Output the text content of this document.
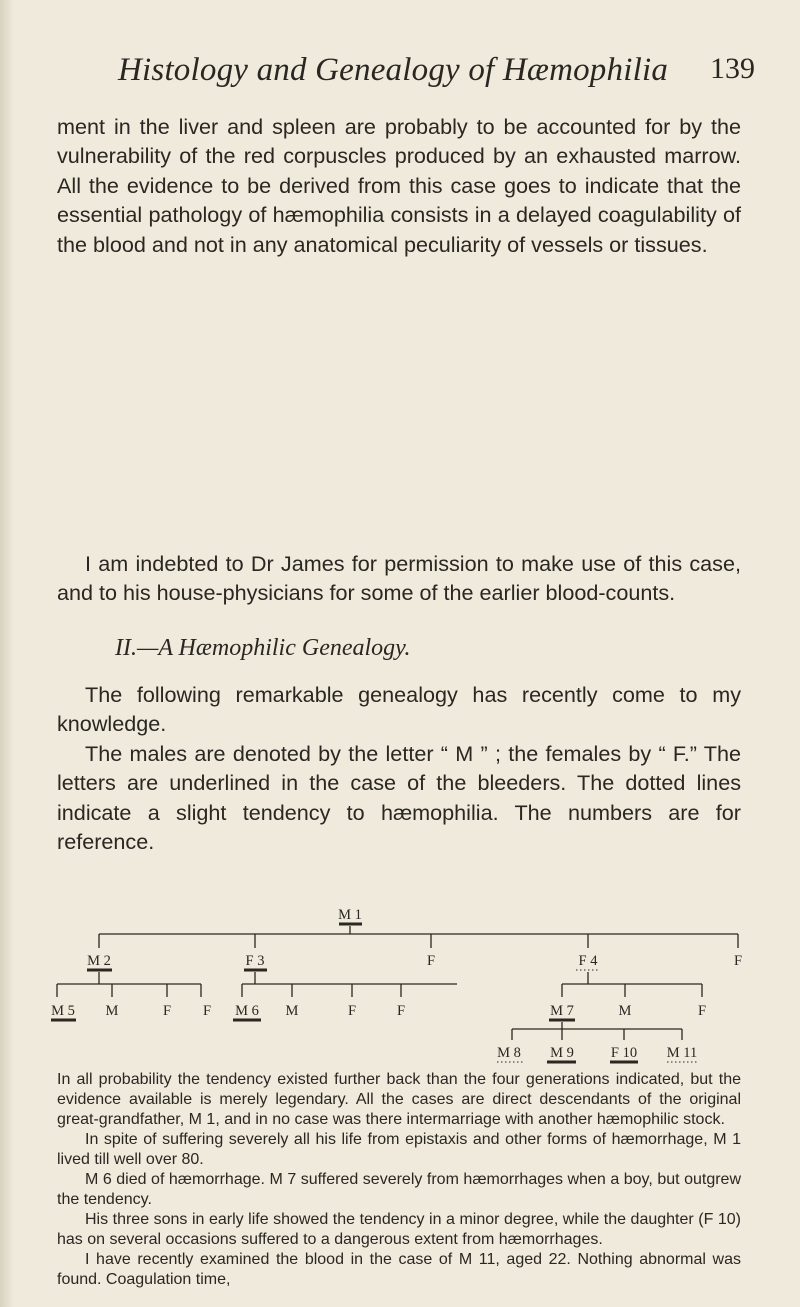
Histology and Genealogy of Hæmophilia 139

ment in the liver and spleen are probably to be accounted for by the vulnerability of the red corpuscles produced by an exhausted marrow. All the evidence to be derived from this case goes to indicate that the essential pathology of hæmophilia consists in a delayed coagulability of the blood and not in any anatomical peculiarity of vessels or tissues.

I am indebted to Dr James for permission to make use of this case, and to his house-physicians for some of the earlier blood-counts.

II.—A Hæmophilic Genealogy.

The following remarkable genealogy has recently come to my knowledge.

The males are denoted by the letter “ M ” ; the females by “ F.” The letters are underlined in the case of the bleeders. The dotted lines indicate a slight tendency to hæmophilia. The numbers are for reference.

M 1
M 2	F 3	F	F 4	F
M 5 M	F F M 6 M	F	F	M 7	M	F
M 8 M 9	F 10 M 11

In all probability the tendency existed further back than the four generations indicated, but the evidence available is merely legendary. All the cases are direct descendants of the original great-grandfather, M 1, and in no case was there intermarriage with another hæmophilic stock.

In spite of suffering severely all his life from epistaxis and other forms of hæmorrhage, M 1 lived till well over 80.

M 6 died of hæmorrhage. M 7 suffered severely from hæmorrhages when a boy, but outgrew the tendency.

His three sons in early life showed the tendency in a minor degree, while the daughter (F 10) has on several occasions suffered to a dangerous extent from hæmorrhages.

I have recently examined the blood in the case of M 11, aged 22. Nothing abnormal was found. Coagulation time,
